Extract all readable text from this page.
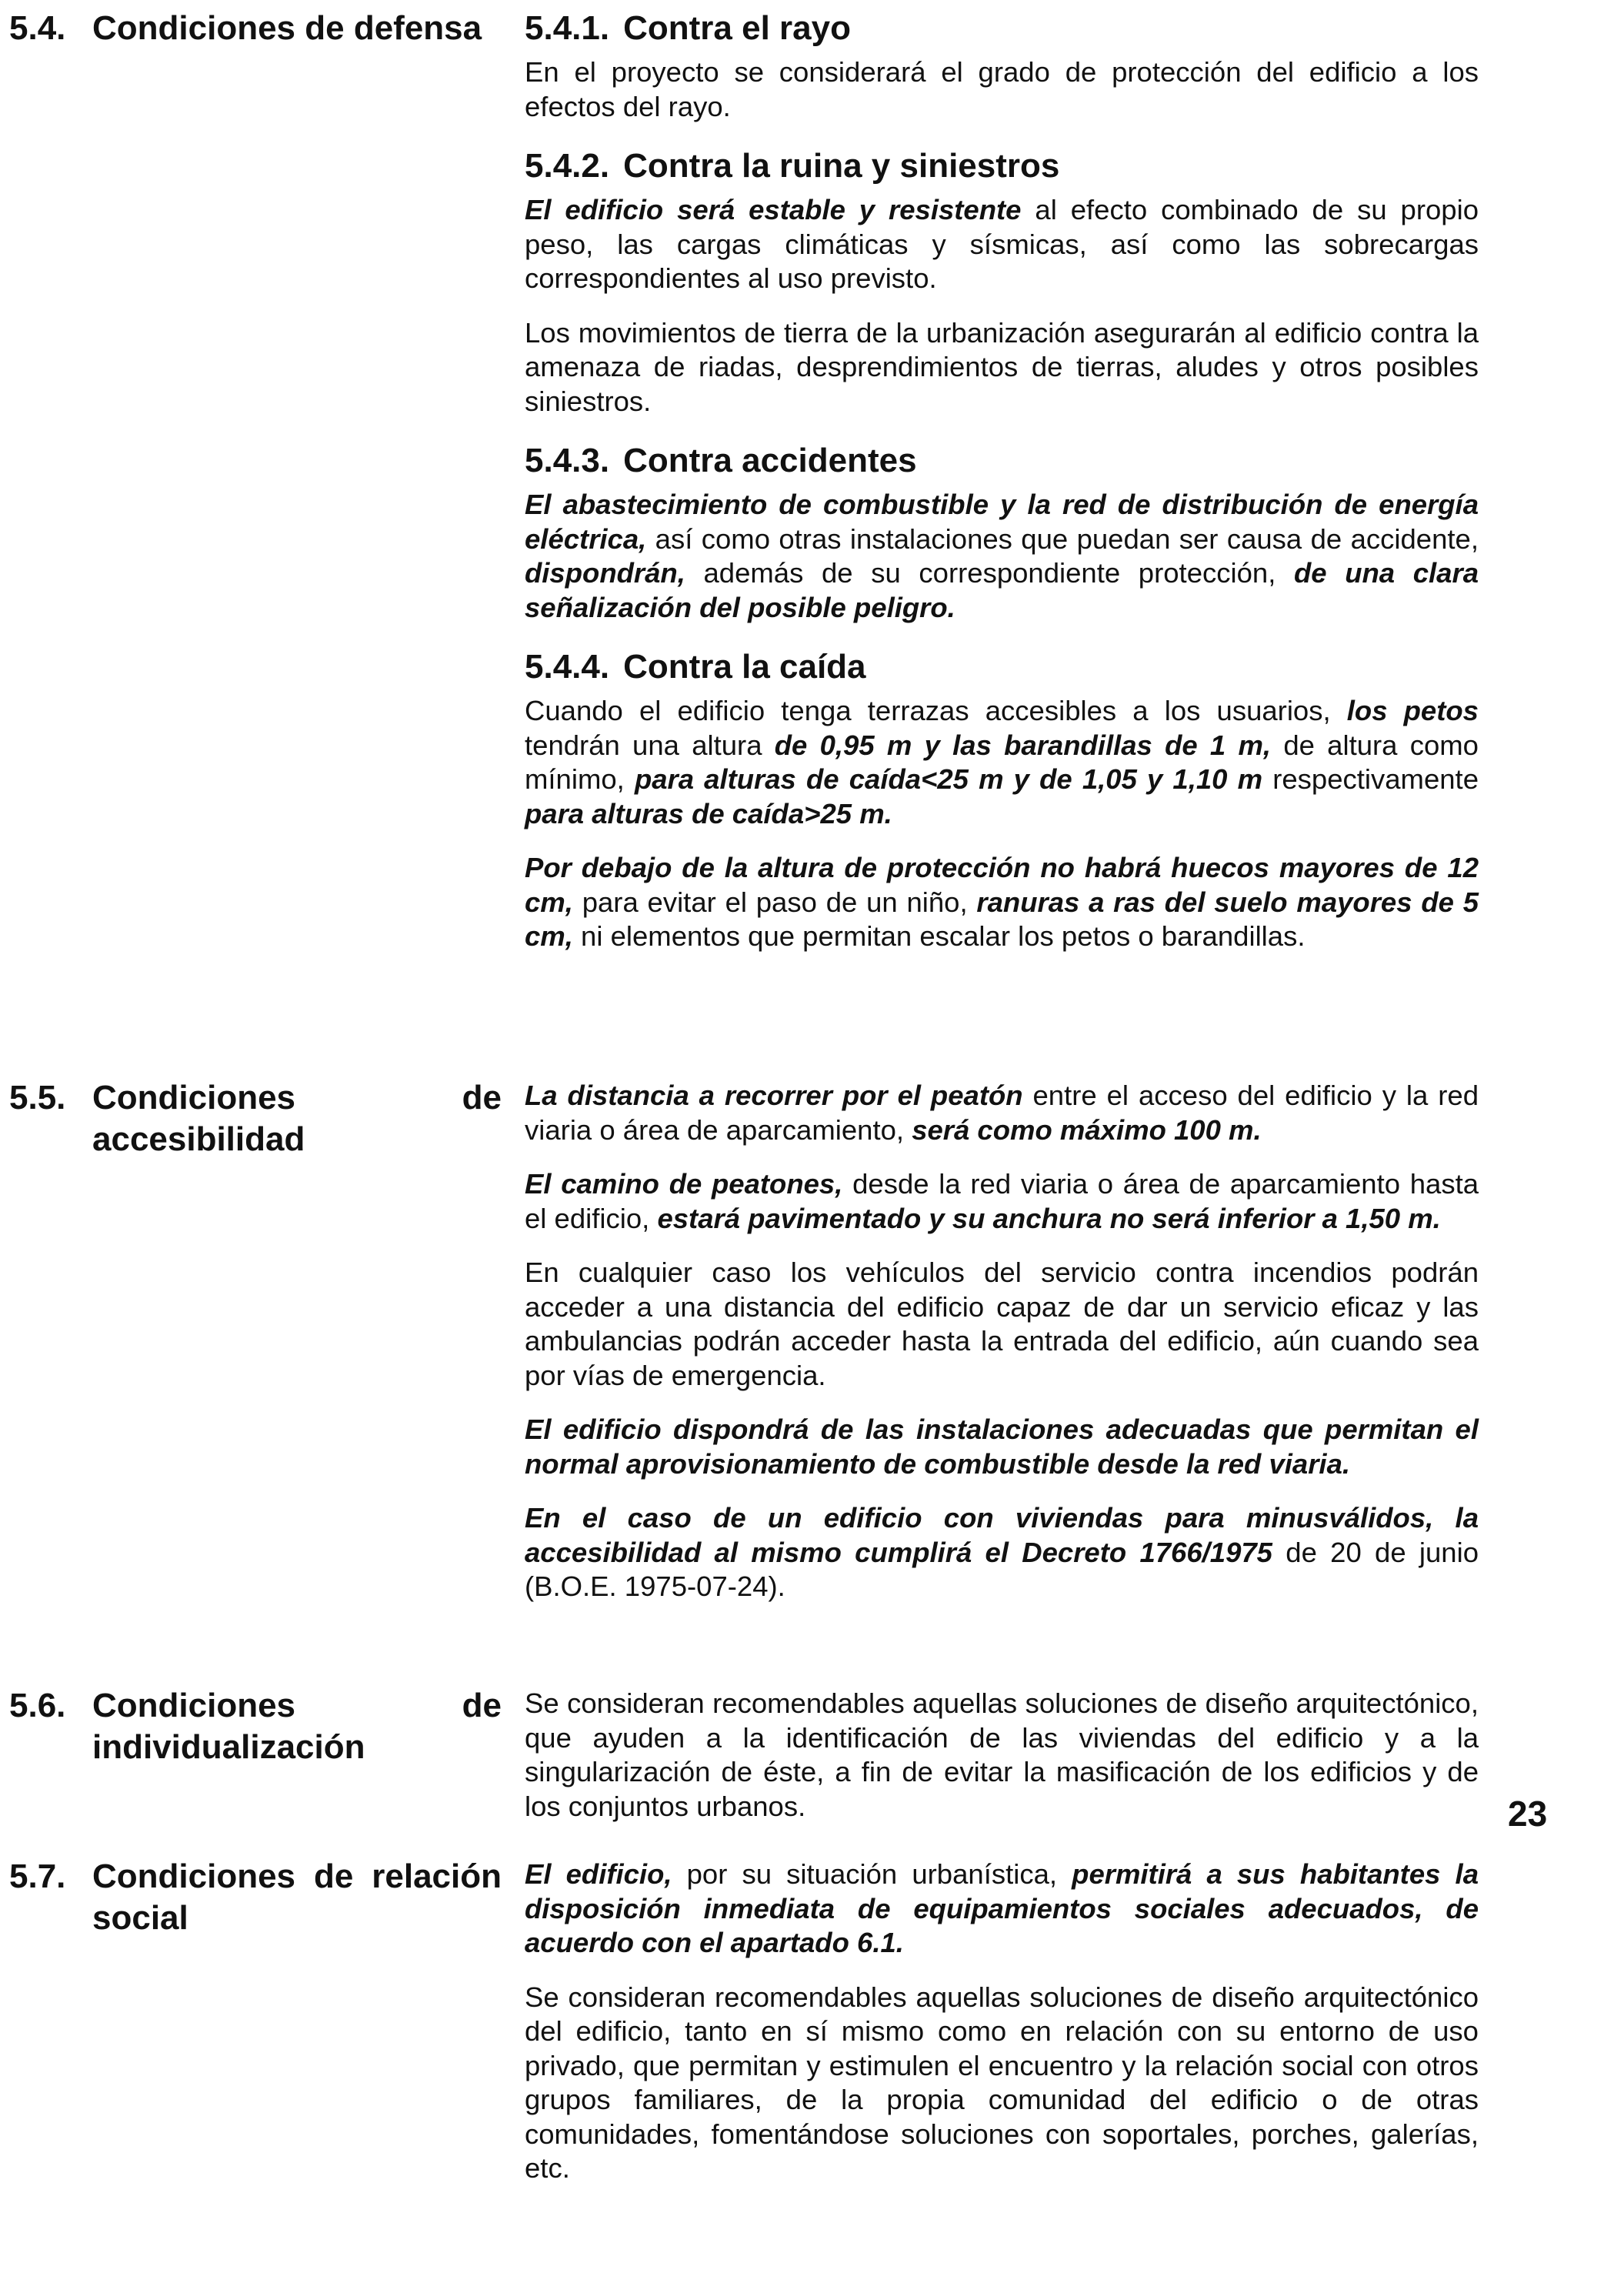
5.4. Condiciones de defensa	5.4.1. Contra el rayo

En el proyecto se considerará el grado de protección del edificio a los efectos del rayo.

5.4.2. Contra la ruina y siniestros

El edificio será estable y resistente al efecto combinado de su propio peso, las cargas climáticas y sísmicas, así como las sobrecargas correspondientes al uso previsto.

Los movimientos de tierra de la urbanización asegurarán al edificio contra la amenaza de riadas, desprendimientos de tierras, aludes y otros posibles siniestros.

5.4.3. Contra accidentes

El abastecimiento de combustible y la red de distribución de energía eléctrica, así como otras instalaciones que puedan ser causa de accidente, dispondrán, además de su correspondiente protección, de una clara señalización del posible peligro.

5.4.4. Contra la caída

Cuando el edificio tenga terrazas accesibles a los usuarios, los petos tendrán una altura de 0,95 m y las barandillas de 1 m, de altura como mínimo, para alturas de caída<25 m y de 1,05 y 1,10 m respectivamente para alturas de caída>25 m.

Por debajo de la altura de protección no habrá huecos mayores de 12 cm, para evitar el paso de un niño, ranuras a ras del suelo mayores de 5 cm, ni elementos que permitan escalar los petos o barandillas.

5.5. Condiciones de accesibilidad

La distancia a recorrer por el peatón entre el acceso del edificio y la red viaria o área de aparcamiento, será como máximo 100 m.

El camino de peatones, desde la red viaria o área de aparcamiento hasta el edificio, estará pavimentado y su anchura no será inferior a 1,50 m.

En cualquier caso los vehículos del servicio contra incendios podrán acceder a una distancia del edificio capaz de dar un servicio eficaz y las ambulancias podrán acceder hasta la entrada del edificio, aún cuando sea por vías de emergencia.

El edificio dispondrá de las instalaciones adecuadas que permitan el normal aprovisionamiento de combustible desde la red viaria.

En el caso de un edificio con viviendas para minusválidos, la accesibilidad al mismo cumplirá el Decreto 1766/1975 de 20 de junio (B.O.E. 1975-07-24).

5.6. Condiciones de individualización

Se consideran recomendables aquellas soluciones de diseño arquitectónico, que ayuden a la identificación de las viviendas del edificio y a la singularización de éste, a fin de evitar la masificación de los edificios y de los conjuntos urbanos.	23
5.7. Condiciones de relación social

El edificio, por su situación urbanística, permitirá a sus habitantes la disposición inmediata de equipamientos sociales adecuados, de acuerdo con el apartado 6.1.

Se consideran recomendables aquellas soluciones de diseño arquitectónico del edificio, tanto en sí mismo como en relación con su entorno de uso privado, que permitan y estimulen el encuentro y la relación social con otros grupos familiares, de la propia comunidad del edificio o de otras comunidades, fomentándose soluciones con soportales, porches, galerías, etc.
